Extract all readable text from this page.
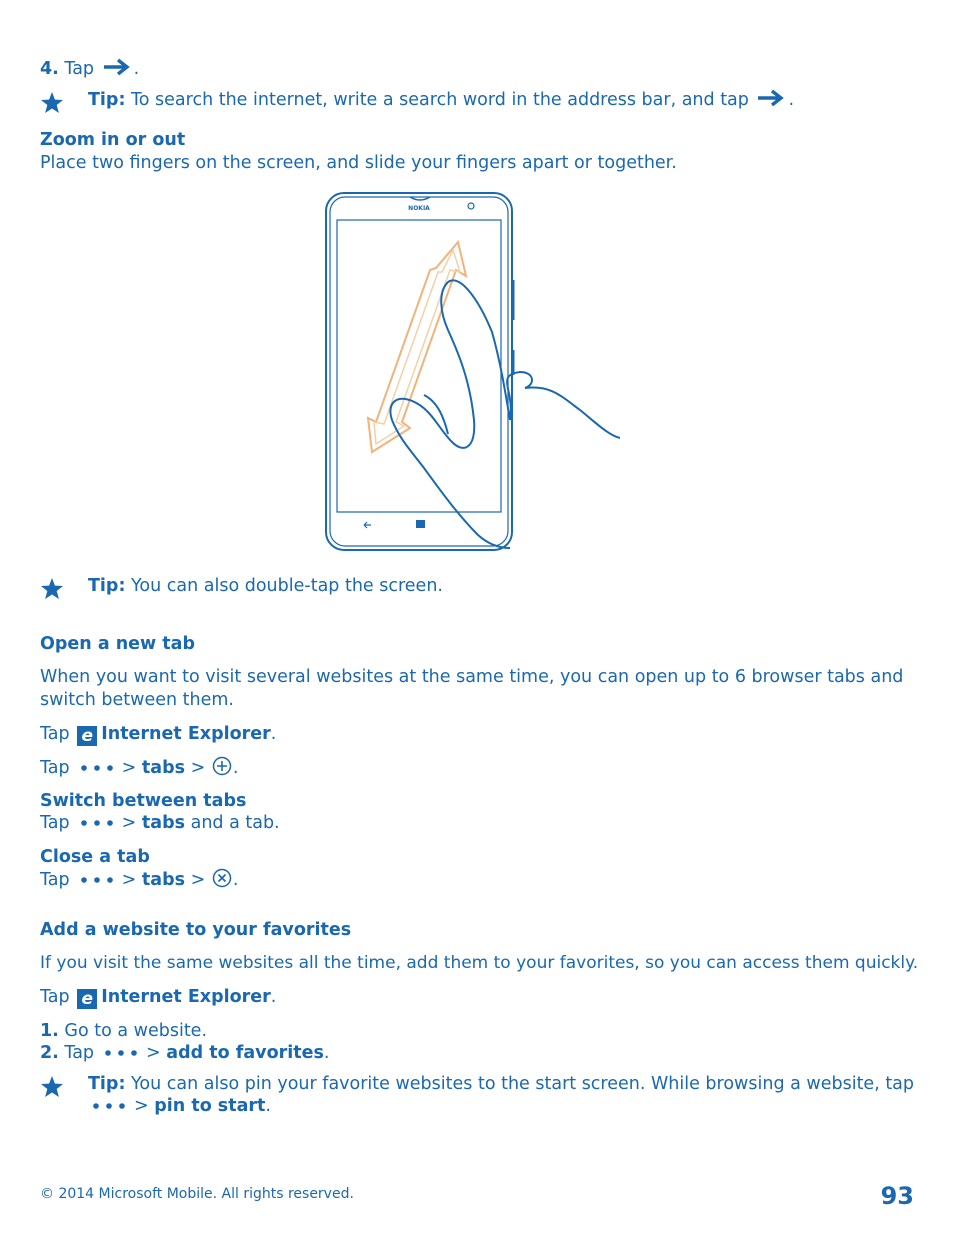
4. Tap .
Tip: To search the internet, write a search word in the address bar, and tap .
Zoom in or out
Place two fingers on the screen, and slide your fingers apart or together.
NOKIA
Tip: You can also double-tap the screen.
Open a new tab
When you want to visit several websites at the same time, you can open up to 6 browser tabs and
switch between them.
Tap e Internet Explorer.
Tap	> tabs > .
Switch between tabs
Tap	> tabs and a tab.
Close a tab
Tap	> tabs > .
Add a website to your favorites
If you visit the same websites all the time, add them to your favorites, so you can access them quickly.
Tap e Internet Explorer.
1. Go to a website.
2. Tap	> add to favorites.
Tip: You can also pin your favorite websites to the start screen. While browsing a website, tap
> pin to start.
© 2014 Microsoft Mobile. All rights reserved.	93
